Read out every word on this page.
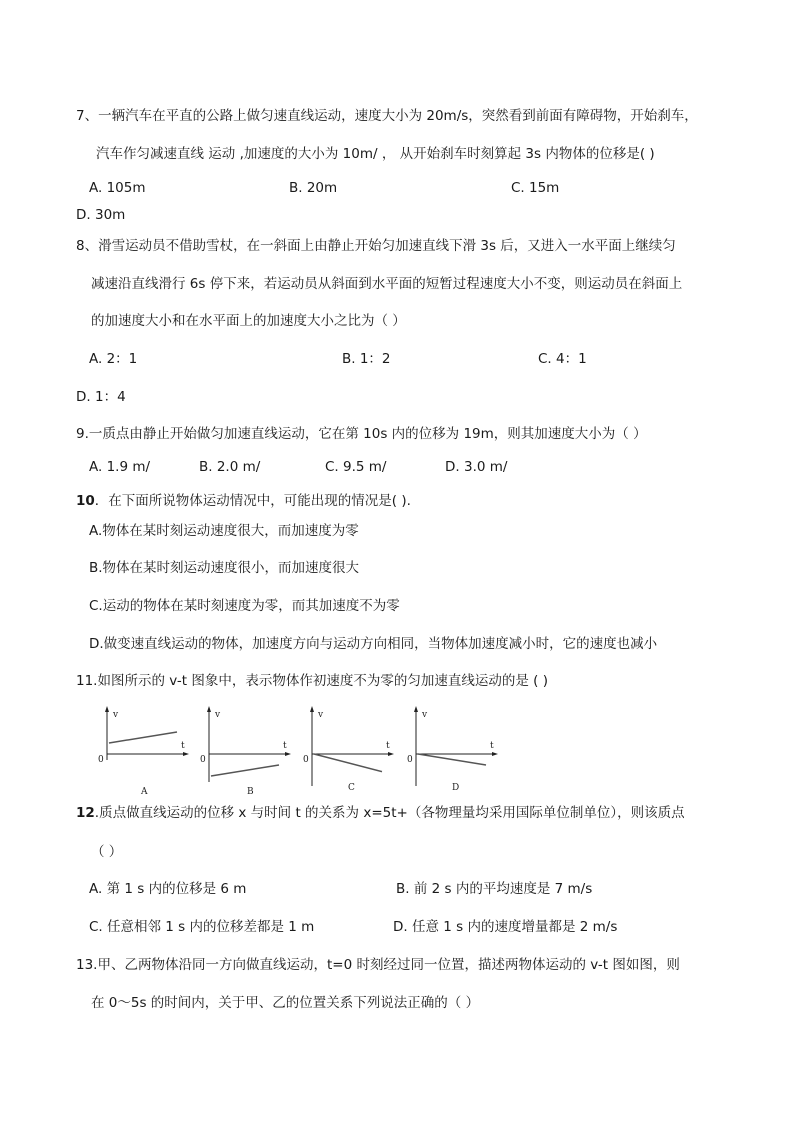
7、一辆汽车在平直的公路上做匀速直线运动，速度大小为 20m/s，突然看到前面有障碍物，开始刹车，
汽车作匀减速直线 运动 ,加速度的大小为 10m/ ， 从开始刹车时刻算起 3s 内物体的位移是( )
A. 105m	B. 20m	C. 15m
D. 30m
8、滑雪运动员不借助雪杖，在一斜面上由静止开始匀加速直线下滑 3s 后，又进入一水平面上继续匀
减速沿直线滑行 6s 停下来，若运动员从斜面到水平面的短暂过程速度大小不变，则运动员在斜面上
的加速度大小和在水平面上的加速度大小之比为（ ）
A. 2：1	B. 1：2	C. 4：1
D. 1：4
9.一质点由静止开始做匀加速直线运动，它在第 10s 内的位移为 19m，则其加速度大小为（ ）
A. 1.9 m/	B. 2.0 m/	C. 9.5 m/	D. 3.0 m/
10．在下面所说物体运动情况中，可能出现的情况是( ).
A.物体在某时刻运动速度很大，而加速度为零
B.物体在某时刻运动速度很小，而加速度很大
C.运动的物体在某时刻速度为零，而其加速度不为零
D.做变速直线运动的物体，加速度方向与运动方向相同，当物体加速度减小时，它的速度也减小
11.如图所示的 v-t 图象中，表示物体作初速度不为零的匀加速直线运动的是 ( )
v
t
0
A
v
t
0
B
v
t
0
C
v
t
0
D
12.质点做直线运动的位移 x 与时间 t 的关系为 x=5t+（各物理量均采用国际单位制单位），则该质点
（ ）
A. 第 1 s 内的位移是 6 m	B. 前 2 s 内的平均速度是 7 m/s
C. 任意相邻 1 s 内的位移差都是 1 m	D. 任意 1 s 内的速度增量都是 2 m/s
13.甲、乙两物体沿同一方向做直线运动，t=0 时刻经过同一位置，描述两物体运动的 v-t 图如图，则
在 0～5s 的时间内，关于甲、乙的位置关系下列说法正确的（ ）
